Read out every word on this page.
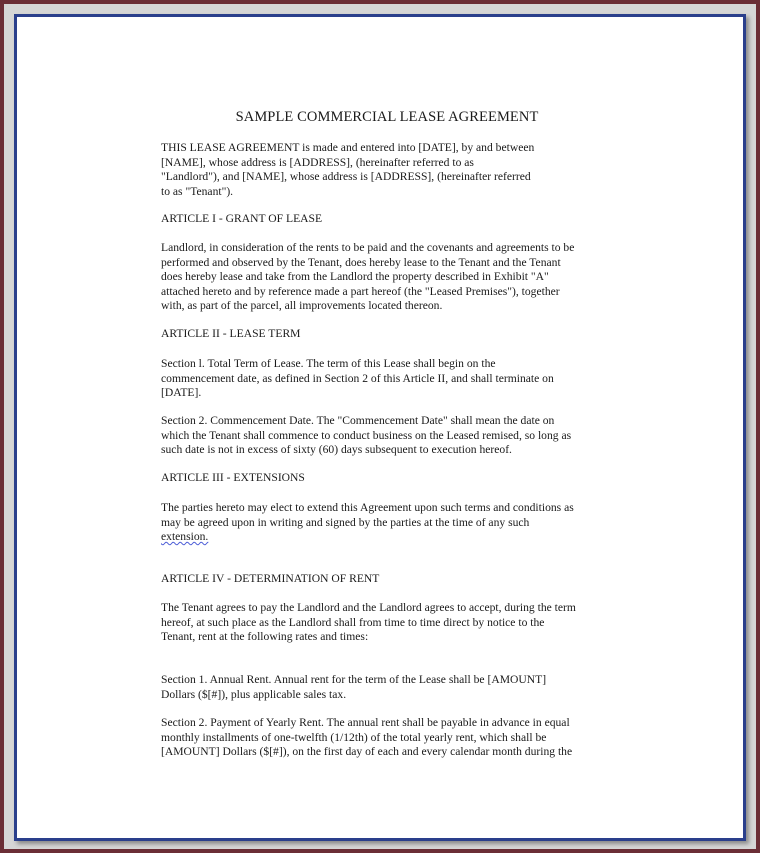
SAMPLE COMMERCIAL LEASE AGREEMENT
THIS LEASE AGREEMENT is made and entered into [DATE], by and between
[NAME], whose address is [ADDRESS], (hereinafter referred to as
"Landlord"), and [NAME], whose address is [ADDRESS], (hereinafter referred
to as "Tenant").
ARTICLE I - GRANT OF LEASE
Landlord, in consideration of the rents to be paid and the covenants and agreements to be
performed and observed by the Tenant, does hereby lease to the Tenant and the Tenant
does hereby lease and take from the Landlord the property described in Exhibit "A"
attached hereto and by reference made a part hereof (the "Leased Premises"), together
with, as part of the parcel, all improvements located thereon.
ARTICLE II - LEASE TERM
Section l. Total Term of Lease. The term of this Lease shall begin on the
commencement date, as defined in Section 2 of this Article II, and shall terminate on
[DATE].
Section 2. Commencement Date. The "Commencement Date" shall mean the date on
which the Tenant shall commence to conduct business on the Leased remised, so long as
such date is not in excess of sixty (60) days subsequent to execution hereof.
ARTICLE III - EXTENSIONS
The parties hereto may elect to extend this Agreement upon such terms and conditions as
may be agreed upon in writing and signed by the parties at the time of any such
extension.
ARTICLE IV - DETERMINATION OF RENT
The Tenant agrees to pay the Landlord and the Landlord agrees to accept, during the term
hereof, at such place as the Landlord shall from time to time direct by notice to the
Tenant, rent at the following rates and times:
Section 1. Annual Rent. Annual rent for the term of the Lease shall be [AMOUNT]
Dollars ($[#]), plus applicable sales tax.
Section 2. Payment of Yearly Rent. The annual rent shall be payable in advance in equal
monthly installments of one-twelfth (1/12th) of the total yearly rent, which shall be
[AMOUNT] Dollars ($[#]), on the first day of each and every calendar month during the
